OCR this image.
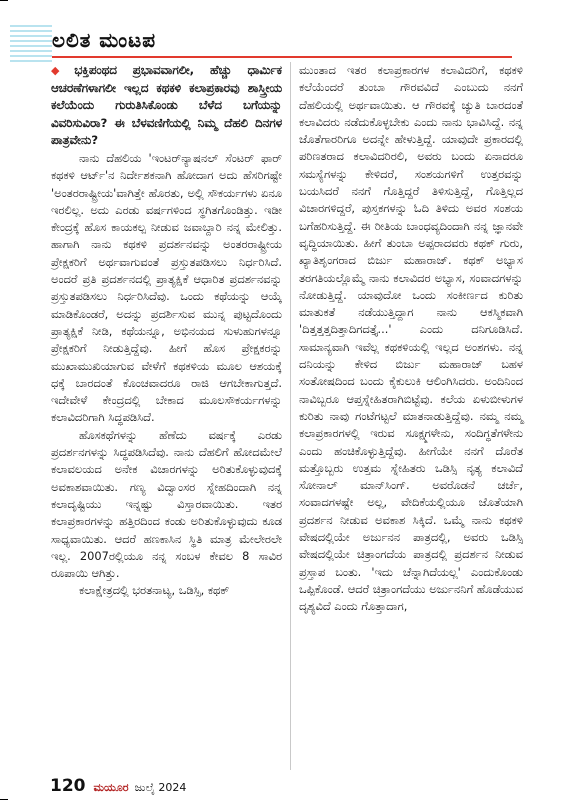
ಲಲಿತ ಮಂಟಪ

◆ ಭಕ್ತಿಪಂಥದ ಪ್ರಭಾವವಾಗಲೀ, ಹೆಚ್ಚು ಧಾರ್ಮಿಕ ಆಚರಣೆಗಳಾಗಲೀ ಇಲ್ಲದ ಕಥಕಳಿ ಕಲಾಪ್ರಕಾರವು ಶಾಸ್ತ್ರೀಯ ಕಲೆಯೆಂದು ಗುರುತಿಸಿಕೊಂಡು ಬೆಳೆದ ಬಗೆಯನ್ನು ವಿವರಿಸುವಿರಾ? ಈ ಬೆಳವಣಿಗೆಯಲ್ಲಿ ನಿಮ್ಮ ದೆಹಲಿ ದಿನಗಳ ಪಾತ್ರವೇನು?

ನಾನು ದೆಹಲಿಯ 'ಇಂಟರ್‌ನ್ಯಾಷನಲ್ ಸೆಂಟರ್ ಫಾರ್ ಕಥಕಳಿ ಆರ್ಟ್'ನ ನಿರ್ದೇಶಕನಾಗಿ ಹೋದಾಗ ಅದು ಹೆಸರಿಗಷ್ಟೇ 'ಅಂತರರಾಷ್ಟ್ರೀಯ'ವಾಗಿತ್ತೇ ಹೊರತು, ಅಲ್ಲಿ ಸೌಕರ್ಯಗಳು ಏನೂ ಇರಲಿಲ್ಲ. ಅದು ಎರಡು ವರ್ಷಗಳಿಂದ ಸ್ಥಗಿತಗೊಂಡಿತ್ತು. ಇಡೀ ಕೇಂದ್ರಕ್ಕೆ ಹೊಸ ಕಾಯಕಲ್ಪ ನೀಡುವ ಜವಾಬ್ದಾರಿ ನನ್ನ ಮೇಲಿತ್ತು. ಹಾಗಾಗಿ ನಾನು ಕಥಕಳಿ ಪ್ರದರ್ಶನವನ್ನು ಅಂತರರಾಷ್ಟ್ರೀಯ ಪ್ರೇಕ್ಷಕರಿಗೆ ಅರ್ಥವಾಗುವಂತೆ ಪ್ರಸ್ತುತಪಡಿಸಲು ನಿರ್ಧರಿಸಿದೆ. ಅಂದರೆ ಪ್ರತಿ ಪ್ರದರ್ಶನದಲ್ಲಿ ಪ್ರಾತ್ಯಕ್ಷಿಕೆ ಆಧಾರಿತ ಪ್ರದರ್ಶನವನ್ನು ಪ್ರಸ್ತುತಪಡಿಸಲು ನಿರ್ಧರಿಸಿದೆವು. ಒಂದು ಕಥೆಯನ್ನು ಆಯ್ಕೆ ಮಾಡಿಕೊಂಡರೆ, ಅದನ್ನು ಪ್ರದರ್ಶಿಸುವ ಮುನ್ನ ಪುಟ್ಟದೊಂದು ಪ್ರಾತ್ಯಕ್ಷಿಕೆ ನೀಡಿ, ಕಥೆಯನ್ನೂ, ಅಭಿನಯದ ಸುಳುಹುಗಳನ್ನೂ ಪ್ರೇಕ್ಷಕರಿಗೆ ನೀಡುತ್ತಿದ್ದೆವು. ಹೀಗೆ ಹೊಸ ಪ್ರೇಕ್ಷಕರನ್ನು ಮುಖಾಮುಖಿಯಾಗುವ ವೇಳೆಗೆ ಕಥಕಳಿಯ ಮೂಲ ಆಶಯಕ್ಕೆ ಧಕ್ಕೆ ಬಾರದಂತೆ ಕೊಂಚವಾದರೂ ರಾಜಿ ಆಗಬೇಕಾಗುತ್ತದೆ. ಇದೇವೇಳೆ ಕೇಂದ್ರದಲ್ಲಿ ಬೇಕಾದ ಮೂಲಸೌಕರ್ಯಗಳನ್ನು ಕಲಾವಿದರಿಗಾಗಿ ಸಿದ್ಧಪಡಿಸಿದೆ.

ಹೊಸಕಥೆಗಳನ್ನು ಹೆಣೆದು ವರ್ಷಕ್ಕೆ ಎರಡು ಪ್ರದರ್ಶನಗಳನ್ನು ಸಿದ್ಧಪಡಿಸಿದೆವು. ನಾನು ದೆಹಲಿಗೆ ಹೋದಮೇಲೆ ಕಲಾವಲಯದ ಅನೇಕ ವಿಚಾರಗಳನ್ನು ಅರಿತುಕೊಳ್ಳುವುದಕ್ಕೆ ಅವಕಾಶವಾಯಿತು. ಗಣ್ಯ ವಿದ್ವಾಂಸರ ಸ್ನೇಹದಿಂದಾಗಿ ನನ್ನ ಕಲಾದೃಷ್ಟಿಯು ಇನ್ನಷ್ಟು ವಿಸ್ತಾರವಾಯಿತು. ಇತರ ಕಲಾಪ್ರಕಾರಗಳನ್ನು ಹತ್ತಿರದಿಂದ ಕಂಡು ಅರಿತುಕೊಳ್ಳುವುದು ಕೂಡ ಸಾಧ್ಯವಾಯಿತು. ಆದರೆ ಹಣಕಾಸಿನ ಸ್ಥಿತಿ ಮಾತ್ರ ಮೇಲೇರಲೇ ಇಲ್ಲ. 2007ರಲ್ಲಿಯೂ ನನ್ನ ಸಂಬಳ ಕೇವಲ 8 ಸಾವಿರ ರೂಪಾಯಿ ಆಗಿತ್ತು.

ಕಲಾಕ್ಷೇತ್ರದಲ್ಲಿ ಭರತನಾಟ್ಯ, ಒಡಿಸ್ಸಿ, ಕಥಕ್

ಮುಂತಾದ ಇತರ ಕಲಾಪ್ರಕಾರಗಳ ಕಲಾವಿದರಿಗೆ, ಕಥಕಳಿ ಕಲೆಯೆಂದರೆ ತುಂಬಾ ಗೌರವವಿದೆ ಎಂಬುದು ನನಗೆ ದೆಹಲಿಯಲ್ಲಿ ಅರ್ಥವಾಯಿತು. ಆ ಗೌರವಕ್ಕೆ ಚ್ಯುತಿ ಬಾರದಂತೆ ಕಲಾವಿದರು ನಡೆದುಕೊಳ್ಳಬೇಕು ಎಂದು ನಾನು ಭಾವಿಸಿದ್ದೆ. ನನ್ನ ಜೊತೆಗಾರರಿಗೂ ಅದನ್ನೇ ಹೇಳುತ್ತಿದ್ದೆ. ಯಾವುದೇ ಪ್ರಕಾರದಲ್ಲಿ ಪರಿಣತರಾದ ಕಲಾವಿದರಿರಲಿ, ಅವರು ಬಂದು ಏನಾದರೂ ಸಮಸ್ಯೆಗಳನ್ನು ಕೇಳಿದರೆ, ಸಂಶಯಗಳಿಗೆ ಉತ್ತರವನ್ನು ಬಯಸಿದರೆ ನನಗೆ ಗೊತ್ತಿದ್ದರೆ ತಿಳಿಸುತ್ತಿದ್ದೆ, ಗೊತ್ತಿಲ್ಲದ ವಿಚಾರಗಳಿದ್ದರೆ, ಪುಸ್ತಕಗಳನ್ನು ಓದಿ ತಿಳಿದು ಅವರ ಸಂಶಯ ಬಗೆಹರಿಸುತ್ತಿದ್ದೆ. ಈ ರೀತಿಯ ಬಾಂಧವ್ಯದಿಂದಾಗಿ ನನ್ನ ಜ್ಞಾನವೇ ವೃದ್ಧಿಯಾಯಿತು. ಹೀಗೆ ತುಂಬಾ ಅಪ್ಪರಾದವರು ಕಥಕ್ ಗುರು, ಖ್ಯಾತಿಶೃಂಗರಾದ ಬಿರ್ಜು ಮಹಾರಾಜ್. ಕಥಕ್ ಅಭ್ಯಾಸ ತರಗತಿಯಲ್ಲೊಮ್ಮೆ ನಾನು ಕಲಾವಿದರ ಅಭ್ಯಾಸ, ಸಂವಾದಗಳನ್ನು ನೋಡುತ್ತಿದ್ದೆ. ಯಾವುದೋ ಒಂದು ಸಂಕೀರ್ಣದ ಕುರಿತು ಮಾತುಕತೆ ನಡೆಯುತ್ತಿದ್ದಾಗ ನಾನು ಆಕಸ್ಮಿಕವಾಗಿ 'ದಿತ್ತತ್ತತ್ತದಿತ್ತಾದಿಗದತ್ತೈ...' ಎಂದು ದನಿಗೂಡಿಸಿದೆ. ಸಾಮಾನ್ಯವಾಗಿ ಇವೆಲ್ಲ ಕಥಕಳಿಯಲ್ಲಿ ಇಲ್ಲದ ಅಂಶಗಳು. ನನ್ನ ದನಿಯನ್ನು ಕೇಳಿದ ಬಿರ್ಜು ಮಹಾರಾಜ್ ಬಹಳ ಸಂತೋಷದಿಂದ ಬಂದು ಕೈಕುಲುಕಿ ಆಲಿಂಗಿಸಿದರು. ಅಂದಿನಿಂದ ನಾವಿಬ್ಬರೂ ಆಪ್ತಸ್ನೇಹಿತರಾಗಿಬಿಟ್ಟೆವು. ಕಲೆಯ ಏಳುಬೀಳುಗಳ ಕುರಿತು ನಾವು ಗಂಟೆಗಟ್ಟಲೆ ಮಾತನಾಡುತ್ತಿದ್ದೆವು. ನಮ್ಮ ನಮ್ಮ ಕಲಾಪ್ರಕಾರಗಳಲ್ಲಿ ಇರುವ ಸೂಕ್ಷ್ಮಗಳೇನು, ಸಂದಿಗ್ಧತೆಗಳೇನು ಎಂದು ಹಂಚಿಕೊಳ್ಳುತ್ತಿದ್ದೆವು. ಹೀಗೆಯೇ ನನಗೆ ದೊರೆತ ಮತ್ತೊಬ್ಬರು ಉತ್ತಮ ಸ್ನೇಹಿತರು ಒಡಿಸ್ಸಿ ನೃತ್ಯ ಕಲಾವಿದೆ ಸೋನಾಲ್ ಮಾನ್‌ಸಿಂಗ್. ಅವರೊಡನೆ ಚರ್ಚೆ, ಸಂವಾದಗಳಷ್ಟೇ ಅಲ್ಲ, ವೇದಿಕೆಯಲ್ಲಿಯೂ ಜೊತೆಯಾಗಿ ಪ್ರದರ್ಶನ ನೀಡುವ ಅವಕಾಶ ಸಿಕ್ಕಿದೆ. ಒಮ್ಮೆ ನಾನು ಕಥಕಳಿ ವೇಷದಲ್ಲಿಯೇ ಅರ್ಜುನನ ಪಾತ್ರದಲ್ಲಿ, ಅವರು ಒಡಿಸ್ಸಿ ವೇಷದಲ್ಲಿಯೇ ಚಿತ್ರಾಂಗದೆಯ ಪಾತ್ರದಲ್ಲಿ ಪ್ರದರ್ಶನ ನೀಡುವ ಪ್ರಸ್ತಾಪ ಬಂತು. 'ಇದು ಚೆನ್ನಾಗಿದೆಯಲ್ಲ' ಎಂದುಕೊಂಡು ಒಪ್ಪಿಕೊಂಡೆ. ಆದರೆ ಚಿತ್ರಾಂಗದೆಯು ಅರ್ಜುನನಿಗೆ ಹೊಡೆಯುವ ದೃಶ್ಯವಿದೆ ಎಂದು ಗೊತ್ತಾದಾಗ,

120 ಮಯೂರ ಜುಲೈ 2024
